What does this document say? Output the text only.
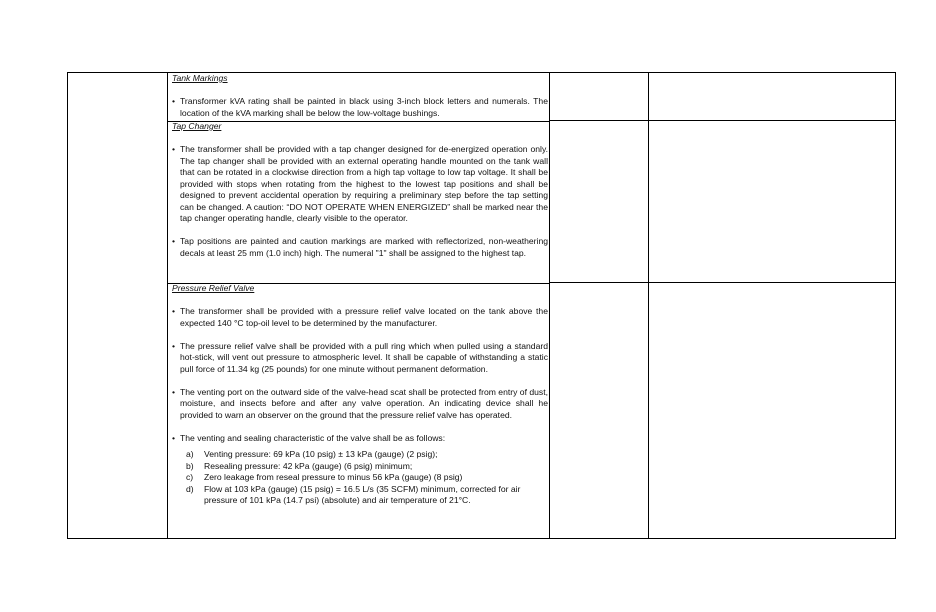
Tank Markings

• Transformer kVA rating shall be painted in black using 3-inch block letters and numerals. The location of the kVA marking shall be below the low-voltage bushings.

Tap Changer

• The transformer shall be provided with a tap changer designed for de-energized operation only. The tap changer shall be provided with an external operating handle mounted on the tank wall that can be rotated in a clockwise direction from a high tap voltage to low tap voltage. It shall be provided with stops when rotating from the highest to the lowest tap positions and shall be designed to prevent accidental operation by requiring a preliminary step before the tap setting can be changed. A caution: “DO NOT OPERATE WHEN ENERGIZED” shall be marked near the tap changer operating handle, clearly visible to the operator.

• Tap positions are painted and caution markings are marked with reflectorized, non-weathering decals at least 25 mm (1.0 inch) high. The numeral "1" shall be assigned to the highest tap.

Pressure Relief Valve

• The transformer shall be provided with a pressure relief valve located on the tank above the expected 140 °C top-oil level to be determined by the manufacturer.

• The pressure relief valve shall be provided with a pull ring which when pulled using a standard hot-stick, will vent out pressure to atmospheric level. It shall be capable of withstanding a static pull force of 11.34 kg (25 pounds) for one minute without permanent deformation.

• The venting port on the outward side of the valve-head scat shall be protected from entry of dust, moisture, and insects before and after any valve operation. An indicating device shall he provided to warn an observer on the ground that the pressure relief valve has operated.

• The venting and sealing characteristic of the valve shall be as follows:

a) Venting pressure: 69 kPa (10 psig) ± 13 kPa (gauge) (2 psig);

b) Resealing pressure: 42 kPa (gauge) (6 psig) minimum;

c) Zero leakage from reseal pressure to minus 56 kPa (gauge) (8 psig)

d) Flow at 103 kPa (gauge) (15 psig) = 16.5 L/s (35 SCFM) minimum, corrected for air pressure of 101 kPa (14.7 psi) (absolute) and air temperature of 21°C.
